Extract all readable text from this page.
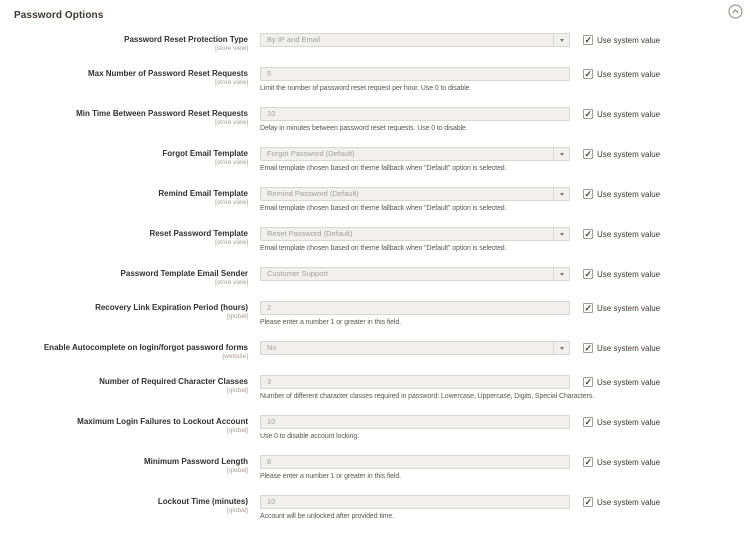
Password Options
Password Reset Protection Type
[store view]
By IP and Email	Use system value
Max Number of Password Reset Requests
[store view]
5
Limit the number of password reset request per hour. Use 0 to disable.
Use system value
Min Time Between Password Reset Requests
[store view]
10
Delay in minutes between password reset requests. Use 0 to disable.
Use system value
Forgot Email Template
[store view]
Forgot Password (Default)
Email template chosen based on theme fallback when "Default" option is selected.
Use system value
Remind Email Template
[store view]
Remind Password (Default)
Email template chosen based on theme fallback when "Default" option is selected.
Use system value
Reset Password Template
[store view]
Reset Password (Default)
Email template chosen based on theme fallback when "Default" option is selected.
Use system value
Password Template Email Sender
[store view]
Customer Support	Use system value
Recovery Link Expiration Period (hours)
[global]
2
Please enter a number 1 or greater in this field.
Use system value
Enable Autocomplete on login/forgot password forms
[website]
No	Use system value
Number of Required Character Classes
[global]
3
Number of different character classes required in password: Lowercase, Uppercase, Digits, Special Characters.
Use system value
Maximum Login Failures to Lockout Account
[global]
10
Use 0 to disable account locking.
Use system value
Minimum Password Length
[global]
8
Please enter a number 1 or greater in this field.
Use system value
Lockout Time (minutes)
[global]
10
Account will be unlocked after provided time.
Use system value
